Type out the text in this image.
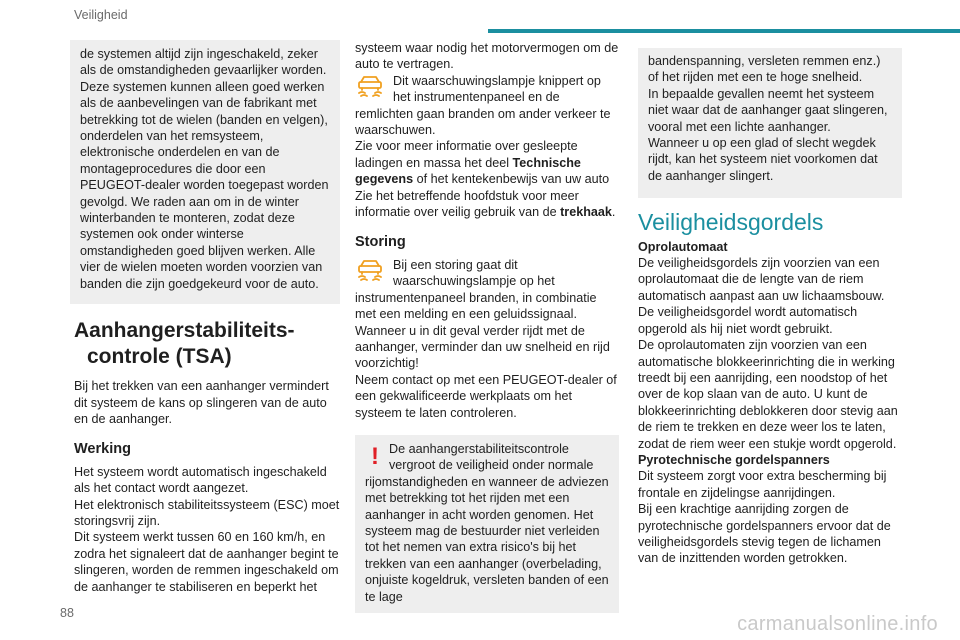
Veiligheid

de systemen altijd zijn ingeschakeld, zeker als de omstandigheden gevaarlijker worden. Deze systemen kunnen alleen goed werken als de aanbevelingen van de fabrikant met betrekking tot de wielen (banden en velgen), onderdelen van het remsysteem, elektronische onderdelen en van de montageprocedures die door een PEUGEOT-dealer worden toegepast worden gevolgd. We raden aan om in de winter winterbanden te monteren, zodat deze systemen ook onder winterse omstandigheden goed blijven werken. Alle vier de wielen moeten worden voorzien van banden die zijn goedgekeurd voor de auto.

Aanhangerstabiliteits-
controle (TSA)

Bij het trekken van een aanhanger vermindert dit systeem de kans op slingeren van de auto en de aanhanger.

Werking

Het systeem wordt automatisch ingeschakeld als het contact wordt aangezet.

Het elektronisch stabiliteitssysteem (ESC) moet storingsvrij zijn.

Dit systeem werkt tussen 60 en 160 km/h, en zodra het signaleert dat de aanhanger begint te slingeren, worden de remmen ingeschakeld om de aanhanger te stabiliseren en beperkt het

systeem waar nodig het motorvermogen om de auto te vertragen.

Dit waarschuwingslampje knippert op het instrumentenpaneel en de remlichten gaan branden om ander verkeer te waarschuwen.

Zie voor meer informatie over gesleepte ladingen en massa het deel Technische gegevens of het kentekenbewijs van uw auto

Zie het betreffende hoofdstuk voor meer informatie over veilig gebruik van de trekhaak.

Storing

Bij een storing gaat dit waarschuwingslampje op het instrumentenpaneel branden, in combinatie met een melding en een geluidssignaal.

Wanneer u in dit geval verder rijdt met de aanhanger, verminder dan uw snelheid en rijd voorzichtig!

Neem contact op met een PEUGEOT-dealer of een gekwalificeerde werkplaats om het systeem te laten controleren.

! De aanhangerstabiliteitscontrole vergroot de veiligheid onder normale rijomstandigheden en wanneer de adviezen met betrekking tot het rijden met een aanhanger in acht worden genomen. Het systeem mag de bestuurder niet verleiden tot het nemen van extra risico's bij het trekken van een aanhanger (overbelading, onjuiste kogeldruk, versleten banden of een te lage

bandenspanning, versleten remmen enz.) of het rijden met een te hoge snelheid.

In bepaalde gevallen neemt het systeem niet waar dat de aanhanger gaat slingeren, vooral met een lichte aanhanger.

Wanneer u op een glad of slecht wegdek rijdt, kan het systeem niet voorkomen dat de aanhanger slingert.

Veiligheidsgordels

Oprolautomaat

De veiligheidsgordels zijn voorzien van een oprolautomaat die de lengte van de riem automatisch aanpast aan uw lichaamsbouw. De veiligheidsgordel wordt automatisch opgerold als hij niet wordt gebruikt.

De oprolautomaten zijn voorzien van een automatische blokkeerinrichting die in werking treedt bij een aanrijding, een noodstop of het over de kop slaan van de auto. U kunt de blokkeerinrichting deblokkeren door stevig aan de riem te trekken en deze weer los te laten, zodat de riem weer een stukje wordt opgerold.

Pyrotechnische gordelspanners

Dit systeem zorgt voor extra bescherming bij frontale en zijdelingse aanrijdingen.

Bij een krachtige aanrijding zorgen de pyrotechnische gordelspanners ervoor dat de veiligheidsgordels stevig tegen de lichamen van de inzittenden worden getrokken.

88	carmanualsonline.info
